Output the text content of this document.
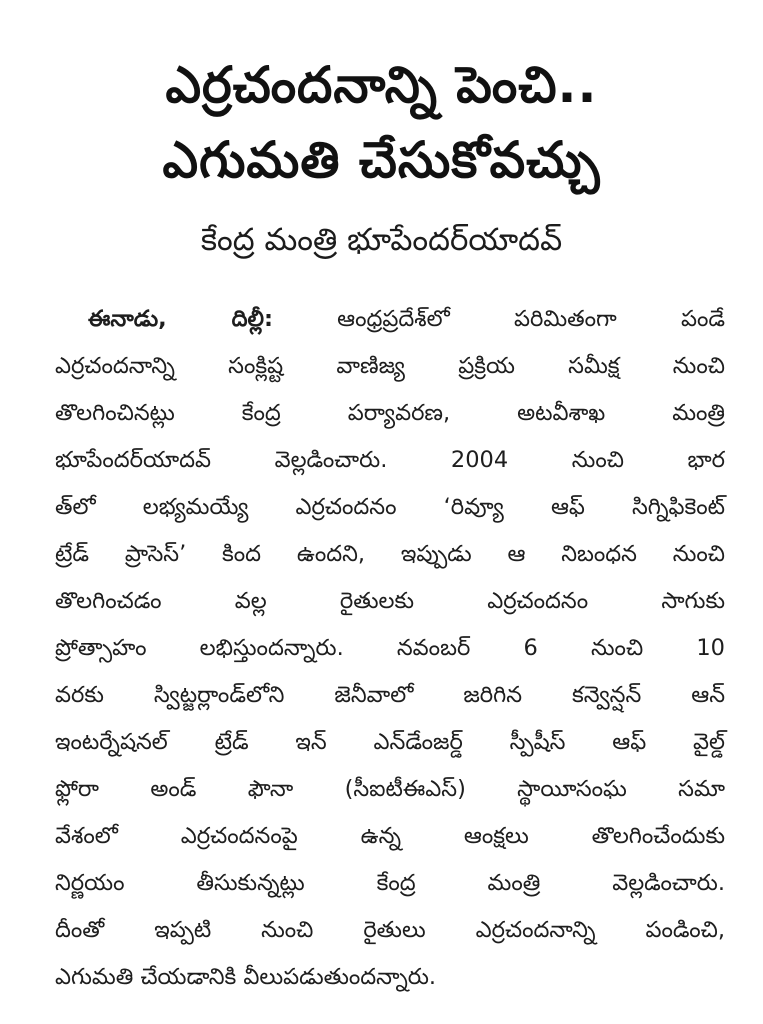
ఎర్రచందనాన్ని పెంచి..
ఎగుమతి చేసుకోవచ్చు
కేంద్ర మంత్రి భూపేందర్‌యాదవ్
ఈనాడు, దిల్లీ:	ఆంధ్రప్రదేశ్‌లో పరిమితంగా పండే
ఎర్రచందనాన్ని సంక్లిష్ట వాణిజ్య ప్రక్రియ సమీక్ష నుంచి
తొలగించినట్లు కేంద్ర పర్యావరణ, అటవీశాఖ మంత్రి
భూపేందర్‌యాదవ్ వెల్లడించారు. 2004 నుంచి భార
త్‌లో లభ్యమయ్యే ఎర్రచందనం ‘రివ్యూ ఆఫ్ సిగ్నిఫికెంట్
ట్రేడ్ ప్రాసెస్’ కింద ఉందని, ఇప్పుడు ఆ నిబంధన నుంచి
తొలగించడం వల్ల రైతులకు ఎర్రచందనం సాగుకు
ప్రోత్సాహం లభిస్తుందన్నారు. నవంబర్ 6 నుంచి 10
వరకు స్విట్జర్లాండ్‌లోని జెనీవాలో జరిగిన కన్వెన్షన్ ఆన్
ఇంటర్నేషనల్ ట్రేడ్ ఇన్ ఎన్‌డేంజర్డ్ స్పీషీస్ ఆఫ్ వైల్డ్
ఫ్లోరా అండ్ ఫౌనా (సీఐటీఈఎస్) స్థాయీసంఘ సమా
వేశంలో ఎర్రచందనంపై ఉన్న ఆంక్షలు తొలగించేందుకు
నిర్ణయం తీసుకున్నట్లు కేంద్ర మంత్రి వెల్లడించారు.
దీంతో ఇప్పటి నుంచి రైతులు ఎర్రచందనాన్ని పండించి,
ఎగుమతి చేయడానికి వీలుపడుతుందన్నారు.
